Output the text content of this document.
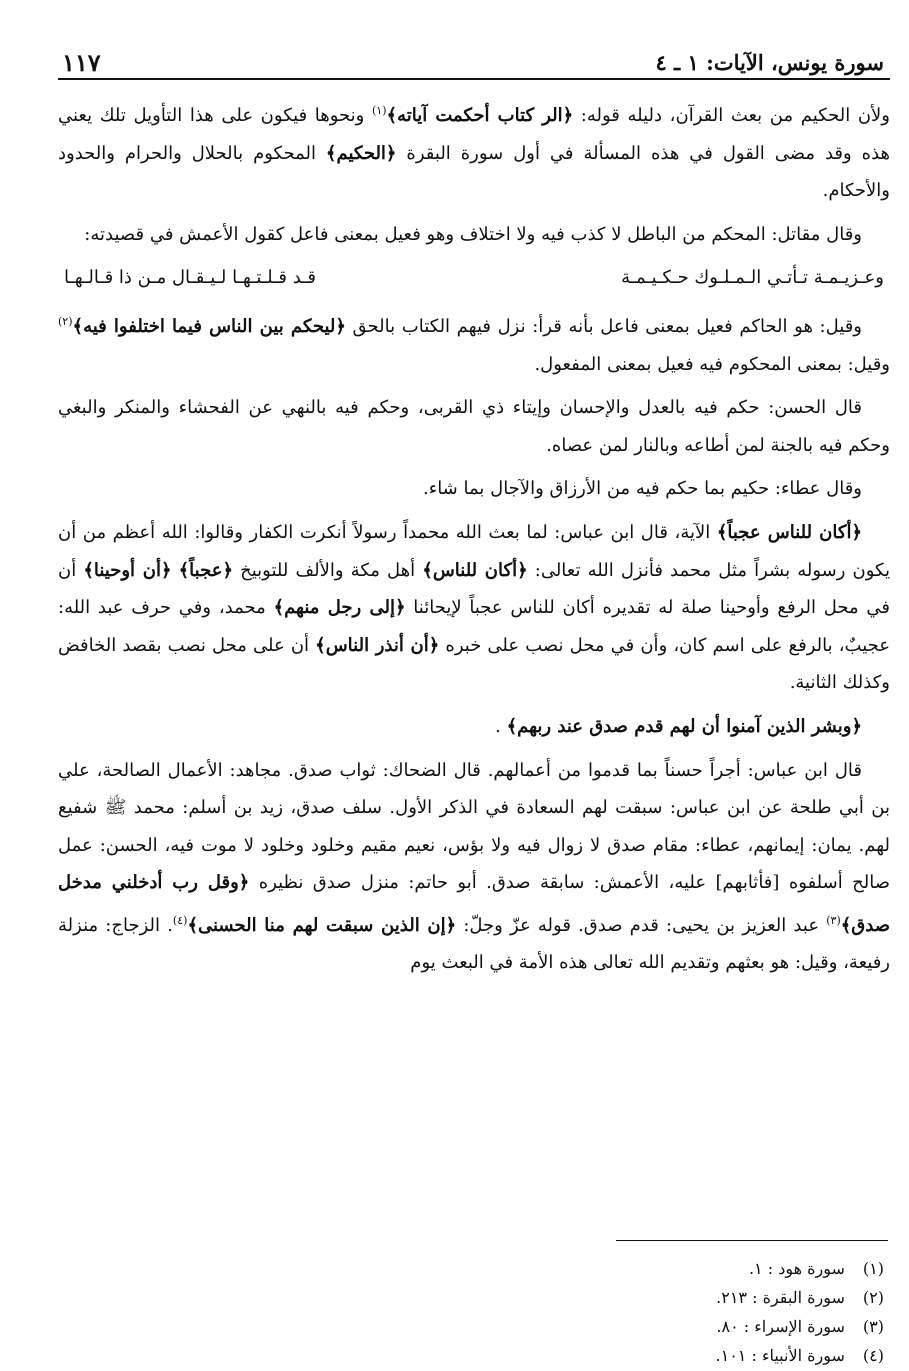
سورة يونس، الآيات: ١ ـ ٤
١١٧

ولأن الحكيم من بعث القرآن، دليله قوله: ﴿الر كتاب أحكمت آياته﴾$^{(١)}$ ونحوها فيكون على هذا التأويل تلك يعني هذه وقد مضى القول في هذه المسألة في أول سورة البقرة ﴿الحكيم﴾ المحكوم بالحلال والحرام والحدود والأحكام.

وقال مقاتل: المحكم من الباطل لا كذب فيه ولا اختلاف وهو فعيل بمعنى فاعل كقول الأعمش في قصيدته:

وعـزيـمـة تـأتـي الـمـلـوك حـكـيـمـة
قـد قـلـتـهـا لـيـقـال مـن ذا قـالـهـا

وقيل: هو الحاكم فعيل بمعنى فاعل بأنه قرأ: نزل فيهم الكتاب بالحق ﴿ليحكم بين الناس فيما اختلفوا فيه﴾$^{(٢)}$ وقيل: بمعنى المحكوم فيه فعيل بمعنى المفعول.

قال الحسن: حكم فيه بالعدل والإحسان وإيتاء ذي القربى، وحكم فيه بالنهي عن الفحشاء والمنكر والبغي وحكم فيه بالجنة لمن أطاعه وبالنار لمن عصاه.

وقال عطاء: حكيم بما حكم فيه من الأرزاق والآجال بما شاء.

﴿أكان للناس عجباً﴾ الآية، قال ابن عباس: لما بعث الله محمداً رسولاً أنكرت الكفار وقالوا: الله أعظم من أن يكون رسوله بشراً مثل محمد فأنزل الله تعالى: ﴿أكان للناس﴾ أهل مكة والألف للتوبيخ ﴿عجباً﴾ ﴿أن أوحينا﴾ أن في محل الرفع وأوحينا صلة له تقديره أكان للناس عجباً لإيحائنا ﴿إلى رجل منهم﴾ محمد، وفي حرف عبد الله: عجيبٌ، بالرفع على اسم كان، وأن في محل نصب على خبره ﴿أن أنذر الناس﴾ أن على محل نصب بقصد الخافض وكذلك الثانية.

﴿وبشر الذين آمنوا أن لهم قدم صدق عند ربهم﴾ .

قال ابن عباس: أجراً حسناً بما قدموا من أعمالهم. قال الضحاك: ثواب صدق. مجاهد: الأعمال الصالحة، علي بن أبي طلحة عن ابن عباس: سبقت لهم السعادة في الذكر الأول. سلف صدق، زيد بن أسلم: محمد ﷺ شفيع لهم. يمان: إيمانهم، عطاء: مقام صدق لا زوال فيه ولا بؤس، نعيم مقيم وخلود وخلود لا موت فيه، الحسن: عمل صالح أسلفوه [فأثابهم] عليه، الأعمش: سابقة صدق. أبو حاتم: منزل صدق نظيره ﴿وقل رب أدخلني مدخل صدق﴾$^{(٣)}$ عبد العزيز بن يحيى: قدم صدق. قوله عزّ وجلّ: ﴿إن الذين سبقت لهم منا الحسنى﴾$^{(٤)}$. الزجاج: منزلة رفيعة، وقيل: هو بعثهم وتقديم الله تعالى هذه الأمة في البعث يوم

(١)
سورة هود : ١.
(٢)
سورة البقرة : ٢١٣.
(٣)
سورة الإسراء : ٨٠.
(٤)
سورة الأنبياء : ١٠١.
